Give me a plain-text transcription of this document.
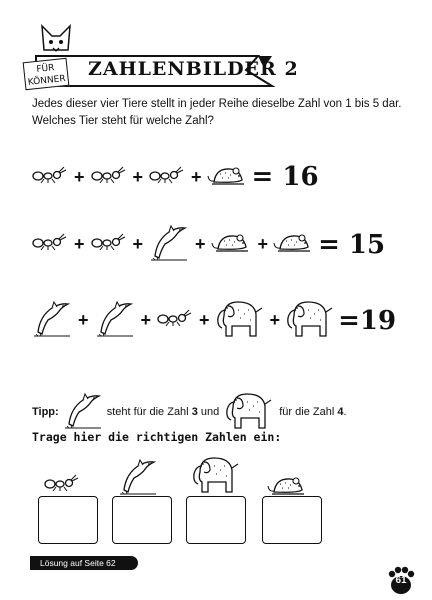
FÜR
KÖNNER
ZAHLENBILDER 2
Jedes dieser vier Tiere stellt in jeder Reihe dieselbe Zahl von 1 bis 5 dar. Welches Tier steht für welche Zahl?
+	+	+ = 16
+	+	+	+ = 15
+	+	+	+ =19
Tipp:	steht für die Zahl
3
und	für die Zahl
4 .
Trage hier die richtigen Zahlen ein:
Lösung auf Seite 62
61
